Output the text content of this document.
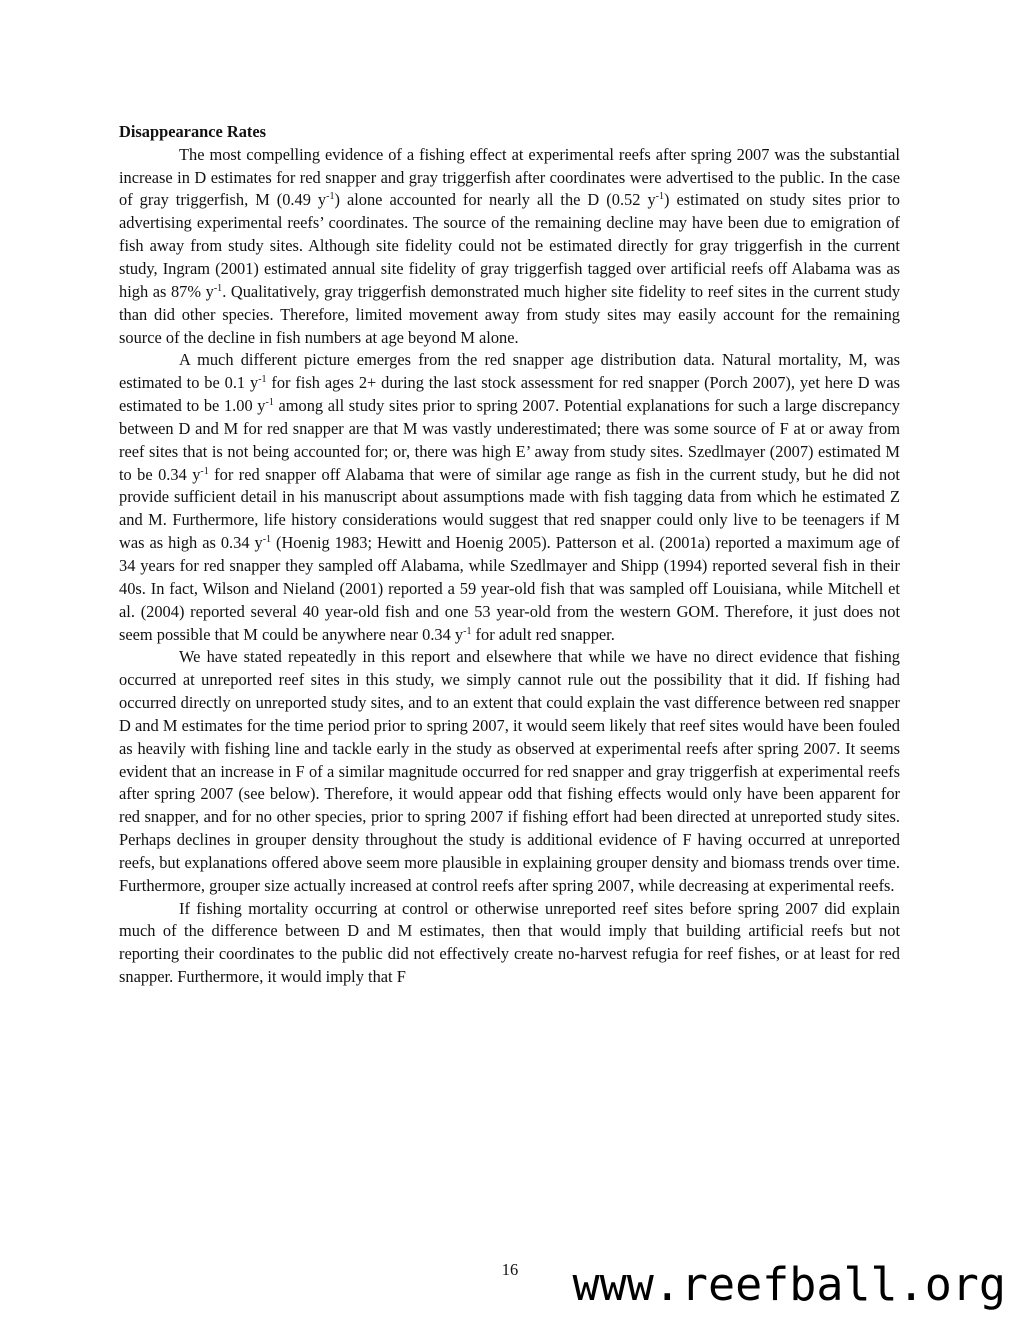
Disappearance Rates

The most compelling evidence of a fishing effect at experimental reefs after spring 2007 was the substantial increase in D estimates for red snapper and gray triggerfish after coordinates were advertised to the public. In the case of gray triggerfish, M (0.49 $y^{-1}$) alone accounted for nearly all the D (0.52 $y^{-1}$) estimated on study sites prior to advertising experimental reefs’ coordinates. The source of the remaining decline may have been due to emigration of fish away from study sites. Although site fidelity could not be estimated directly for gray triggerfish in the current study, Ingram (2001) estimated annual site fidelity of gray triggerfish tagged over artificial reefs off Alabama was as high as 87% $y^{-1}$. Qualitatively, gray triggerfish demonstrated much higher site fidelity to reef sites in the current study than did other species. Therefore, limited movement away from study sites may easily account for the remaining source of the decline in fish numbers at age beyond M alone.

A much different picture emerges from the red snapper age distribution data. Natural mortality, M, was estimated to be 0.1 $y^{-1}$ for fish ages 2+ during the last stock assessment for red snapper (Porch 2007), yet here D was estimated to be 1.00 $y^{-1}$ among all study sites prior to spring 2007. Potential explanations for such a large discrepancy between D and M for red snapper are that M was vastly underestimated; there was some source of F at or away from reef sites that is not being accounted for; or, there was high E’ away from study sites. Szedlmayer (2007) estimated M to be 0.34 $y^{-1}$ for red snapper off Alabama that were of similar age range as fish in the current study, but he did not provide sufficient detail in his manuscript about assumptions made with fish tagging data from which he estimated Z and M. Furthermore, life history considerations would suggest that red snapper could only live to be teenagers if M was as high as 0.34 $y^{-1}$ (Hoenig 1983; Hewitt and Hoenig 2005). Patterson et al. (2001a) reported a maximum age of 34 years for red snapper they sampled off Alabama, while Szedlmayer and Shipp (1994) reported several fish in their 40s. In fact, Wilson and Nieland (2001) reported a 59 year-old fish that was sampled off Louisiana, while Mitchell et al. (2004) reported several 40 year-old fish and one 53 year-old from the western GOM. Therefore, it just does not seem possible that M could be anywhere near 0.34 $y^{-1}$ for adult red snapper.

We have stated repeatedly in this report and elsewhere that while we have no direct evidence that fishing occurred at unreported reef sites in this study, we simply cannot rule out the possibility that it did. If fishing had occurred directly on unreported study sites, and to an extent that could explain the vast difference between red snapper D and M estimates for the time period prior to spring 2007, it would seem likely that reef sites would have been fouled as heavily with fishing line and tackle early in the study as observed at experimental reefs after spring 2007. It seems evident that an increase in F of a similar magnitude occurred for red snapper and gray triggerfish at experimental reefs after spring 2007 (see below). Therefore, it would appear odd that fishing effects would only have been apparent for red snapper, and for no other species, prior to spring 2007 if fishing effort had been directed at unreported study sites. Perhaps declines in grouper density throughout the study is additional evidence of F having occurred at unreported reefs, but explanations offered above seem more plausible in explaining grouper density and biomass trends over time. Furthermore, grouper size actually increased at control reefs after spring 2007, while decreasing at experimental reefs.

If fishing mortality occurring at control or otherwise unreported reef sites before spring 2007 did explain much of the difference between D and M estimates, then that would imply that building artificial reefs but not reporting their coordinates to the public did not effectively create no-harvest refugia for reef fishes, or at least for red snapper. Furthermore, it would imply that F

16	www.reefball.org
